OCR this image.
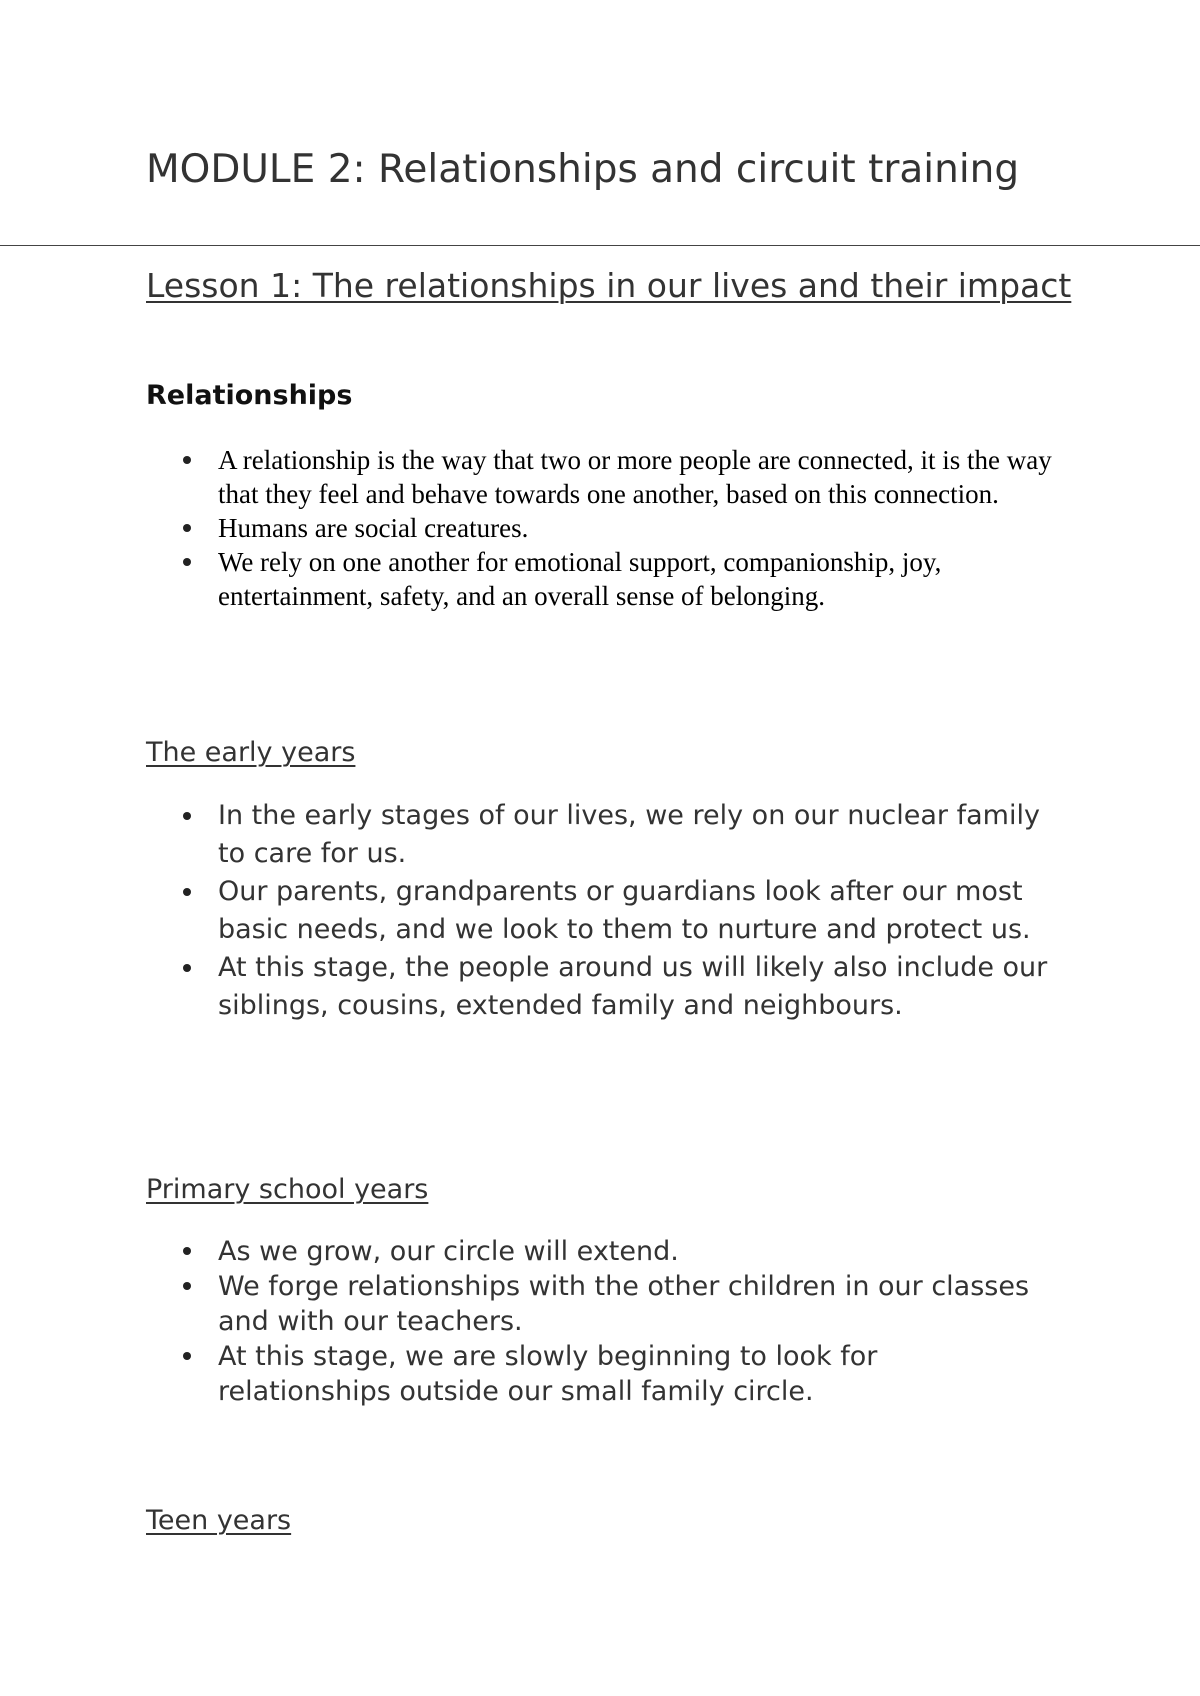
MODULE 2: Relationships and circuit training
Lesson 1: The relationships in our lives and their impact
Relationships
A relationship is the way that two or more people are connected, it is the way that they feel and behave towards one another, based on this connection.
Humans are social creatures.
We rely on one another for emotional support, companionship, joy, entertainment, safety, and an overall sense of belonging.
The early years
In the early stages of our lives, we rely on our nuclear family to care for us.
Our parents, grandparents or guardians look after our most basic needs, and we look to them to nurture and protect us.
At this stage, the people around us will likely also include our siblings, cousins, extended family and neighbours.
Primary school years
As we grow, our circle will extend.
We forge relationships with the other children in our classes and with our teachers.
At this stage, we are slowly beginning to look for relationships outside our small family circle.
Teen years
